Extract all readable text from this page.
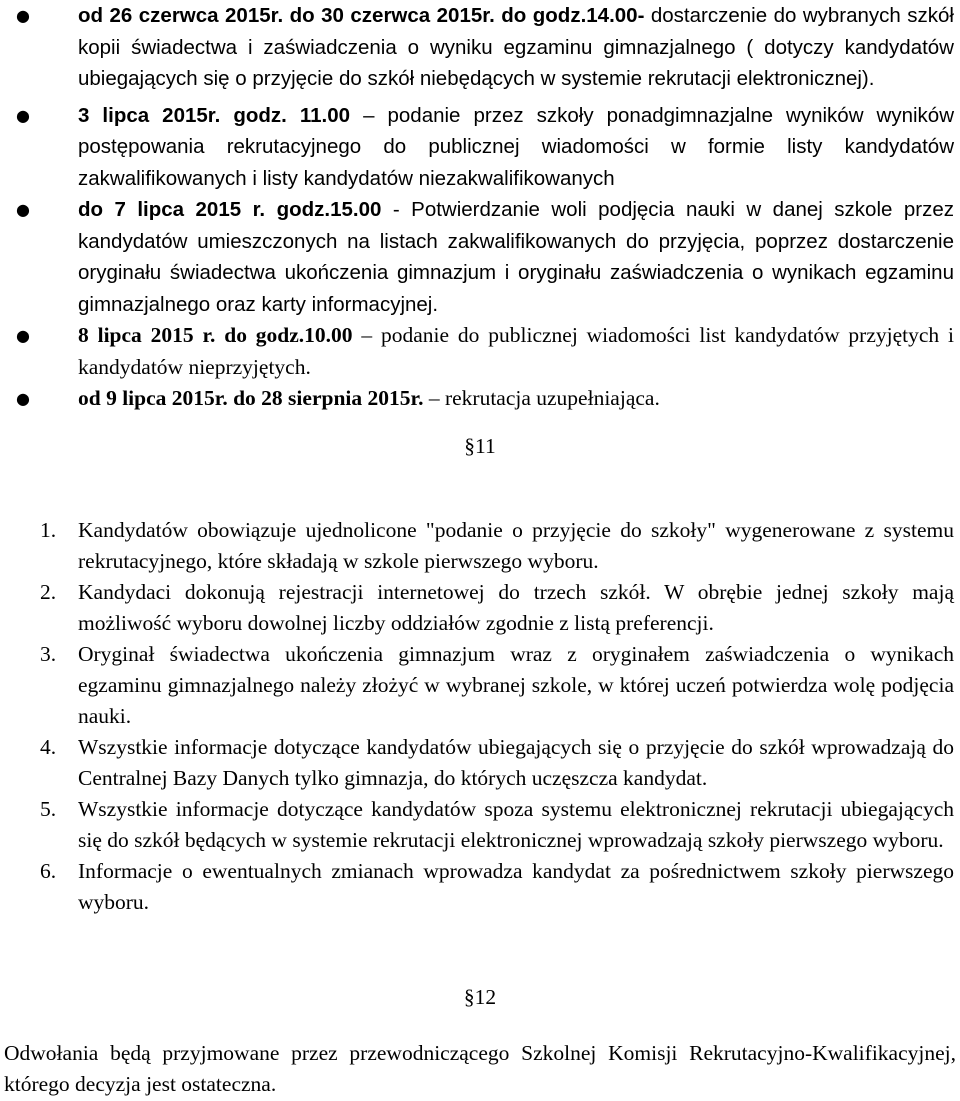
● od 26 czerwca 2015r. do 30 czerwca 2015r. do godz.14.00- dostarczenie do wybranych szkół kopii świadectwa i zaświadczenia o wyniku egzaminu gimnazjalnego ( dotyczy kandydatów ubiegających się o przyjęcie do szkół niebędących w systemie rekrutacji elektronicznej).
● 3 lipca 2015r. godz. 11.00 – podanie przez szkoły ponadgimnazjalne wyników wyników postępowania rekrutacyjnego do publicznej wiadomości w formie listy kandydatów zakwalifikowanych i listy kandydatów niezakwalifikowanych
● do 7 lipca 2015 r. godz.15.00 - Potwierdzanie woli podjęcia nauki w danej szkole przez kandydatów umieszczonych na listach zakwalifikowanych do przyjęcia, poprzez dostarczenie oryginału świadectwa ukończenia gimnazjum i oryginału zaświadczenia o wynikach egzaminu gimnazjalnego oraz karty informacyjnej.
● 8 lipca 2015 r. do godz.10.00 – podanie do publicznej wiadomości list kandydatów przyjętych i kandydatów nieprzyjętych.
● od 9 lipca 2015r. do 28 sierpnia 2015r. – rekrutacja uzupełniająca.
§11
1. Kandydatów obowiązuje ujednolicone "podanie o przyjęcie do szkoły" wygenerowane z systemu rekrutacyjnego, które składają w szkole pierwszego wyboru.
2. Kandydaci dokonują rejestracji internetowej do trzech szkół. W obrębie jednej szkoły mają możliwość wyboru dowolnej liczby oddziałów zgodnie z listą preferencji.
3. Oryginał świadectwa ukończenia gimnazjum wraz z oryginałem zaświadczenia o wynikach egzaminu gimnazjalnego należy złożyć w wybranej szkole, w której uczeń potwierdza wolę podjęcia nauki.
4. Wszystkie informacje dotyczące kandydatów ubiegających się o przyjęcie do szkół wprowadzają do Centralnej Bazy Danych tylko gimnazja, do których uczęszcza kandydat.
5. Wszystkie informacje dotyczące kandydatów spoza systemu elektronicznej rekrutacji ubiegających się do szkół będących w systemie rekrutacji elektronicznej wprowadzają szkoły pierwszego wyboru.
6. Informacje o ewentualnych zmianach wprowadza kandydat za pośrednictwem szkoły pierwszego wyboru.
§12
Odwołania będą przyjmowane przez przewodniczącego Szkolnej Komisji Rekrutacyjno-Kwalifikacyjnej, którego decyzja jest ostateczna.
